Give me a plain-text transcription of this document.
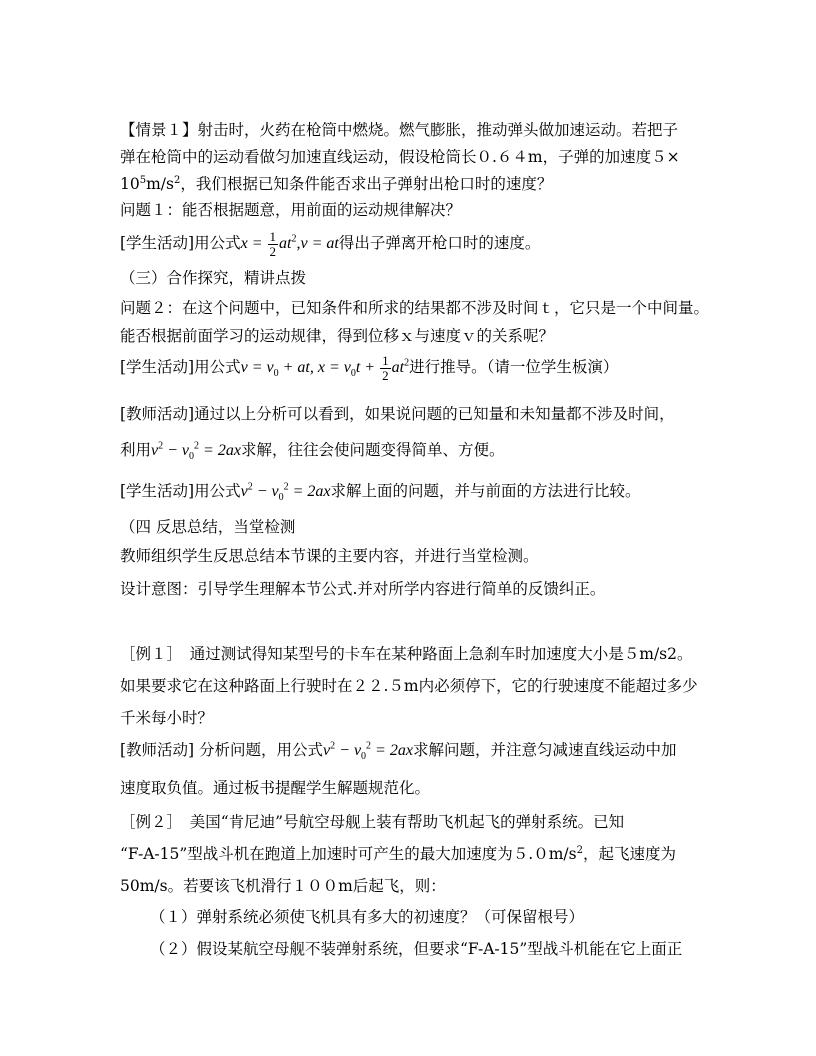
【情景１】射击时，火药在枪筒中燃烧。燃气膨胀，推动弹头做加速运动。若把子
弹在枪筒中的运动看做匀加速直线运动，假设枪筒长０.６４m，子弹的加速度５×
$10^5m/s^2$，我们根据已知条件能否求出子弹射出枪口时的速度？
问题１：能否根据题意，用前面的运动规律解决？
[学生活动]用公式$x = \frac{1}{2} at^2,v$ = at得出子弹离开枪口时的速度。
（三）合作探究，精讲点拨
问题２：在这个问题中，已知条件和所求的结果都不涉及时间ｔ，它只是一个中间量。
能否根据前面学习的运动规律，得到位移ｘ与速度ｖ的关系呢？
[学生活动]用公式$v = v_0$ + at, $x = v_0t + \frac{1}{2} at^2$进行推导。（请一位学生板演）
[教师活动]通过以上分析可以看到，如果说问题的已知量和未知量都不涉及时间，
利用$v^2 - v_0^2 = 2ax$求解，往往会使问题变得简单、方便。
[学生活动]用公式$v^2 - v_0^2 = 2ax$求解上面的问题，并与前面的方法进行比较。
（四 反思总结，当堂检测
教师组织学生反思总结本节课的主要内容，并进行当堂检测。
设计意图：引导学生理解本节公式.并对所学内容进行简单的反馈纠正。
［例１］　通过测试得知某型号的卡车在某种路面上急刹车时加速度大小是５m/s2。
如果要求它在这种路面上行驶时在２２.５m内必须停下，它的行驶速度不能超过多少
千米每小时？
[教师活动] 分析问题，用公式$v^2 - v_0^2 = 2ax$求解问题，并注意匀减速直线运动中加
速度取负值。通过板书提醒学生解题规范化。
［例２］　美国“肯尼迪”号航空母舰上装有帮助飞机起飞的弹射系统。已知
“F-A-15”型战斗机在跑道上加速时可产生的最大加速度为$5.0m/s^2$，起飞速度为
50m/s。若要该飞机滑行１００m后起飞，则：
（１）弹射系统必须使飞机具有多大的初速度？（可保留根号）
（２）假设某航空母舰不装弹射系统，但要求“F-A-15”型战斗机能在它上面正
